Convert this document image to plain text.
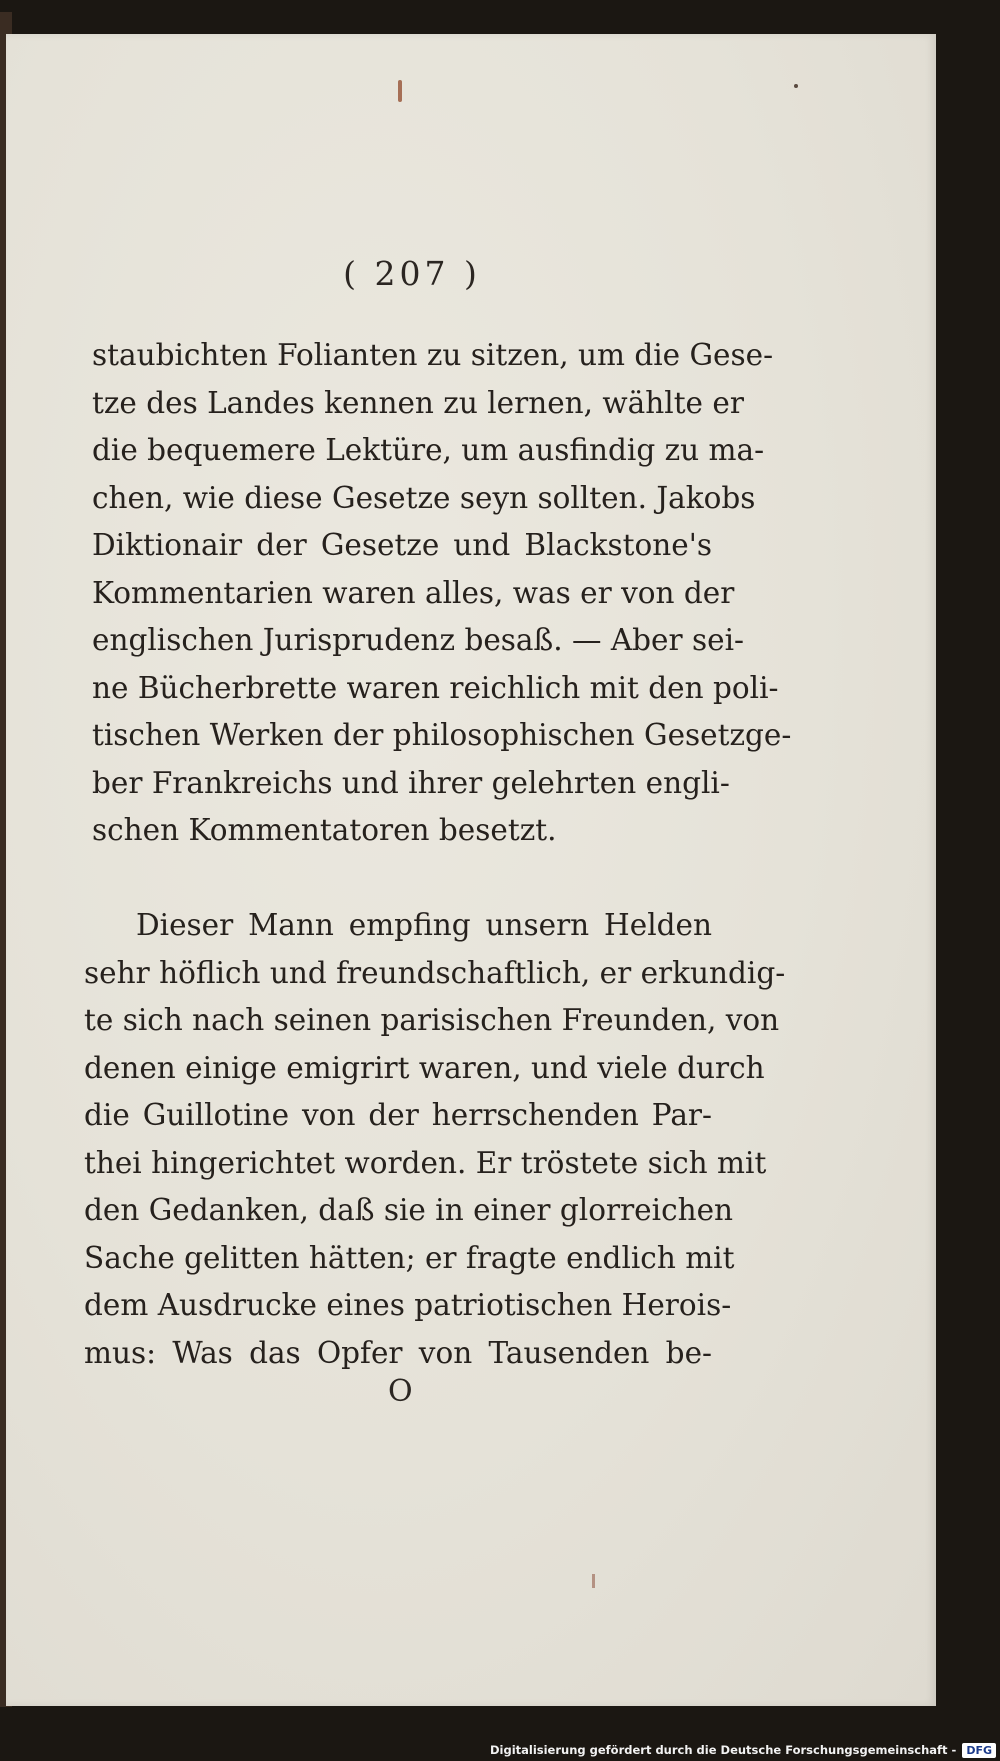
( 207 )
staubichten Folianten zu sitzen, um die Gese-
tze des Landes kennen zu lernen, wählte er
die bequemere Lektüre, um ausfindig zu ma-
chen, wie diese Gesetze seyn sollten. Jakobs
Diktionair der Gesetze und Blackstone's
Kommentarien waren alles, was er von der
englischen Jurisprudenz besaß. — Aber sei-
ne Bücherbrette waren reichlich mit den poli-
tischen Werken der philosophischen Gesetzge-
ber Frankreichs und ihrer gelehrten engli-
schen Kommentatoren besetzt.
Dieser Mann empfing unsern Helden
sehr höflich und freundschaftlich, er erkundig-
te sich nach seinen parisischen Freunden, von
denen einige emigrirt waren, und viele durch
die Guillotine von der herrschenden Par-
thei hingerichtet worden. Er tröstete sich mit
den Gedanken, daß sie in einer glorreichen
Sache gelitten hätten; er fragte endlich mit
dem Ausdrucke eines patriotischen Herois-
mus: Was das Opfer von Tausenden be-
O
Digitalisierung gefördert durch die Deutsche Forschungsgemeinschaft - DFG
